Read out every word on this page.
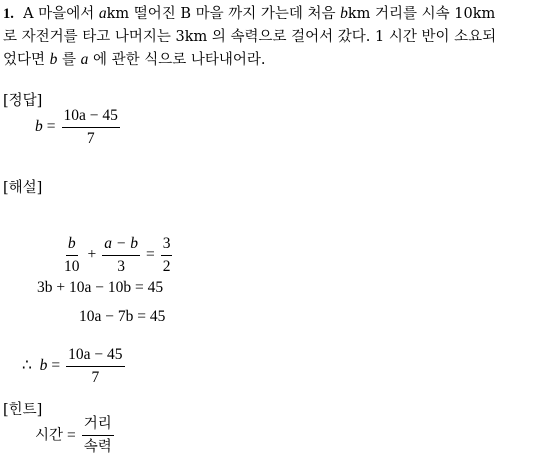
1. A 마을에서 akm 떨어진 B 마을 까지 가는데 처음 bkm 거리를 시속 10km
로 자전거를 타고 나머지는 3km 의 속력으로 걸어서 갔다. 1 시간 반이 소요되
었다면 b 를 a 에 관한 식으로 나타내어라.
[정답]
$b = \frac{10a - 45}{7}$
[해설]
$\frac{b}{10} + \frac{a - b}{3} = \frac{3}{2}$
3b + 10a − 10b = 45
10a − 7b = 45
∴ $b = \frac{10a - 45}{7}$
[힌트]
시간 = $\frac{\text{거리}}{\text{속력}}$
